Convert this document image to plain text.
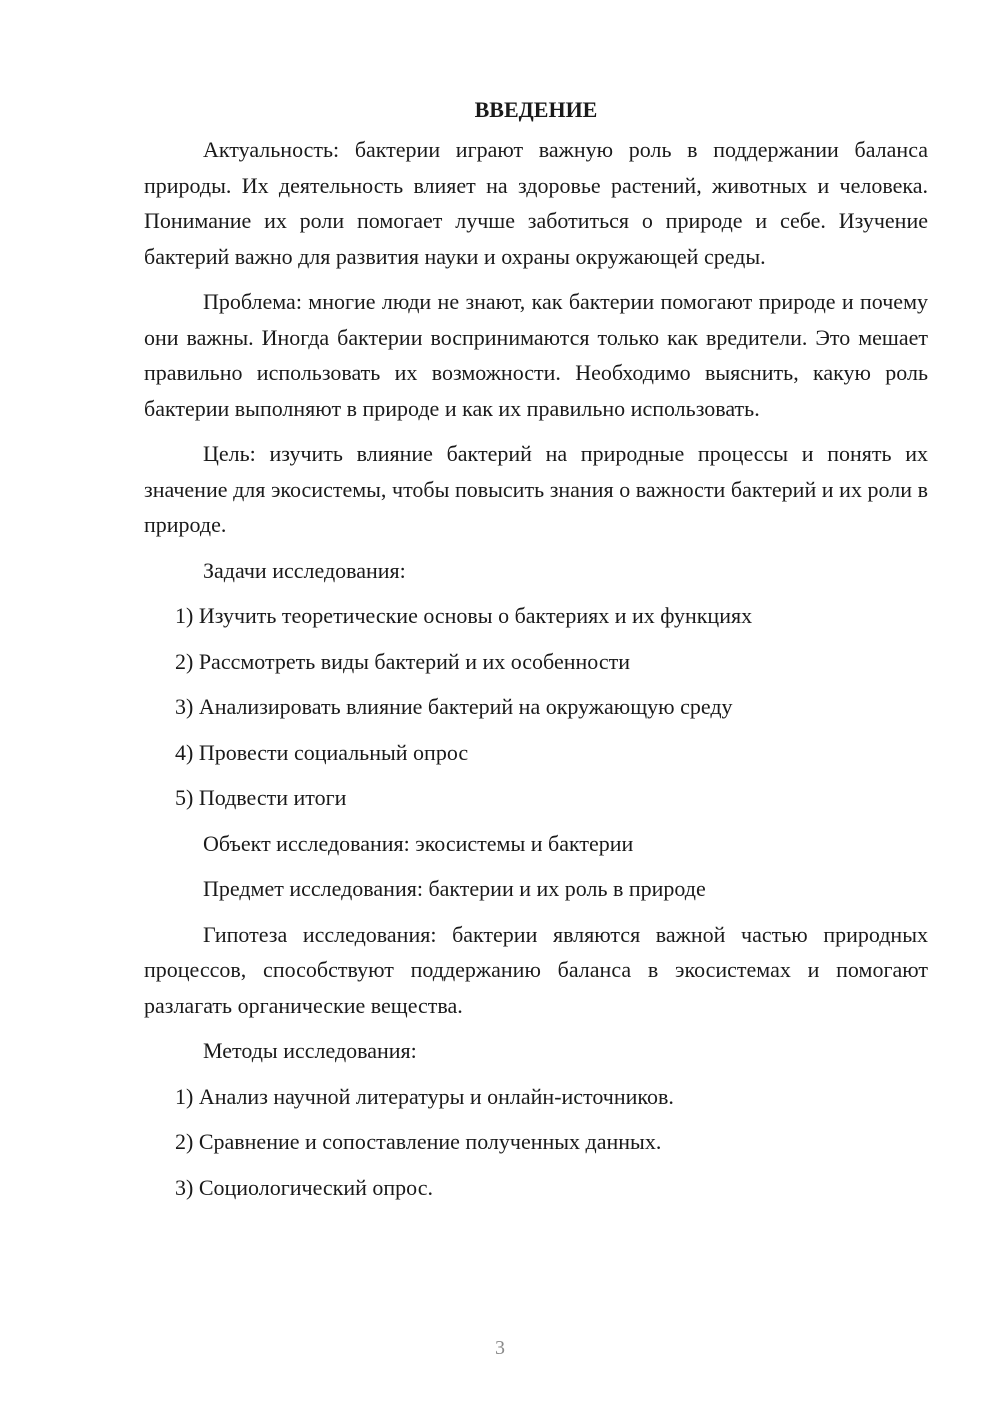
ВВЕДЕНИЕ

Актуальность: бактерии играют важную роль в поддержании баланса природы. Их деятельность влияет на здоровье растений, животных и человека. Понимание их роли помогает лучше заботиться о природе и себе. Изучение бактерий важно для развития науки и охраны окружающей среды.

Проблема: многие люди не знают, как бактерии помогают природе и почему они важны. Иногда бактерии воспринимаются только как вредители. Это мешает правильно использовать их возможности. Необходимо выяснить, какую роль бактерии выполняют в природе и как их правильно использовать.

Цель: изучить влияние бактерий на природные процессы и понять их значение для экосистемы, чтобы повысить знания о важности бактерий и их роли в природе.

Задачи исследования:

1) Изучить теоретические основы о бактериях и их функциях

2) Рассмотреть виды бактерий и их особенности

3) Анализировать влияние бактерий на окружающую среду

4) Провести социальный опрос

5) Подвести итоги

Объект исследования: экосистемы и бактерии

Предмет исследования: бактерии и их роль в природе

Гипотеза исследования: бактерии являются важной частью природных процессов, способствуют поддержанию баланса в экосистемах и помогают разлагать органические вещества.

Методы исследования:

1) Анализ научной литературы и онлайн-источников.

2) Сравнение и сопоставление полученных данных.

3) Социологический опрос.

3
